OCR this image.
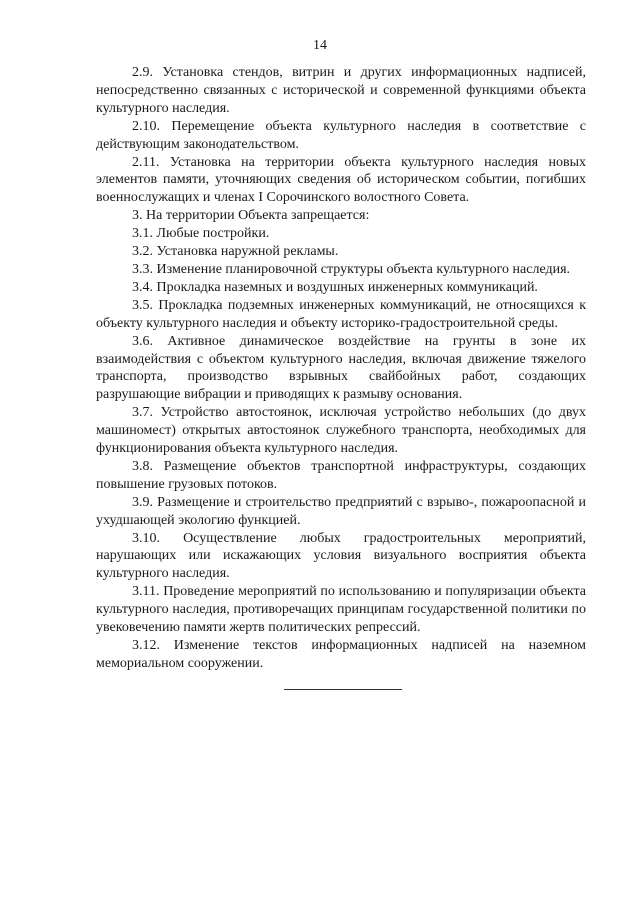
14

2.9. Установка стендов, витрин и других информационных надписей, непосредственно связанных с исторической и современной функциями объекта культурного наследия.

2.10. Перемещение объекта культурного наследия в соответствие с действующим законодательством.

2.11. Установка на территории объекта культурного наследия новых элементов памяти, уточняющих сведения об историческом событии, погибших военнослужащих и членах I Сорочинского волостного Совета.

3. На территории Объекта запрещается:

3.1. Любые постройки.

3.2. Установка наружной рекламы.

3.3. Изменение планировочной структуры объекта культурного наследия.

3.4. Прокладка наземных и воздушных инженерных коммуникаций.

3.5. Прокладка подземных инженерных коммуникаций, не относящихся к объекту культурного наследия и объекту историко-градостроительной среды.

3.6. Активное динамическое воздействие на грунты в зоне их взаимодействия с объектом культурного наследия, включая движение тяжелого транспорта, производство взрывных свайбойных работ, создающих разрушающие вибрации и приводящих к размыву основания.

3.7. Устройство автостоянок, исключая устройство небольших (до двух машиномест) открытых автостоянок служебного транспорта, необходимых для функционирования объекта культурного наследия.

3.8. Размещение объектов транспортной инфраструктуры, создающих повышение грузовых потоков.

3.9. Размещение и строительство предприятий с взрыво-, пожароопасной и ухудшающей экологию функцией.

3.10. Осуществление любых градостроительных мероприятий, нарушающих или искажающих условия визуального восприятия объекта культурного наследия.

3.11. Проведение мероприятий по использованию и популяризации объекта культурного наследия, противоречащих принципам государственной политики по увековечению памяти жертв политических репрессий.

3.12. Изменение текстов информационных надписей на наземном мемориальном сооружении.
